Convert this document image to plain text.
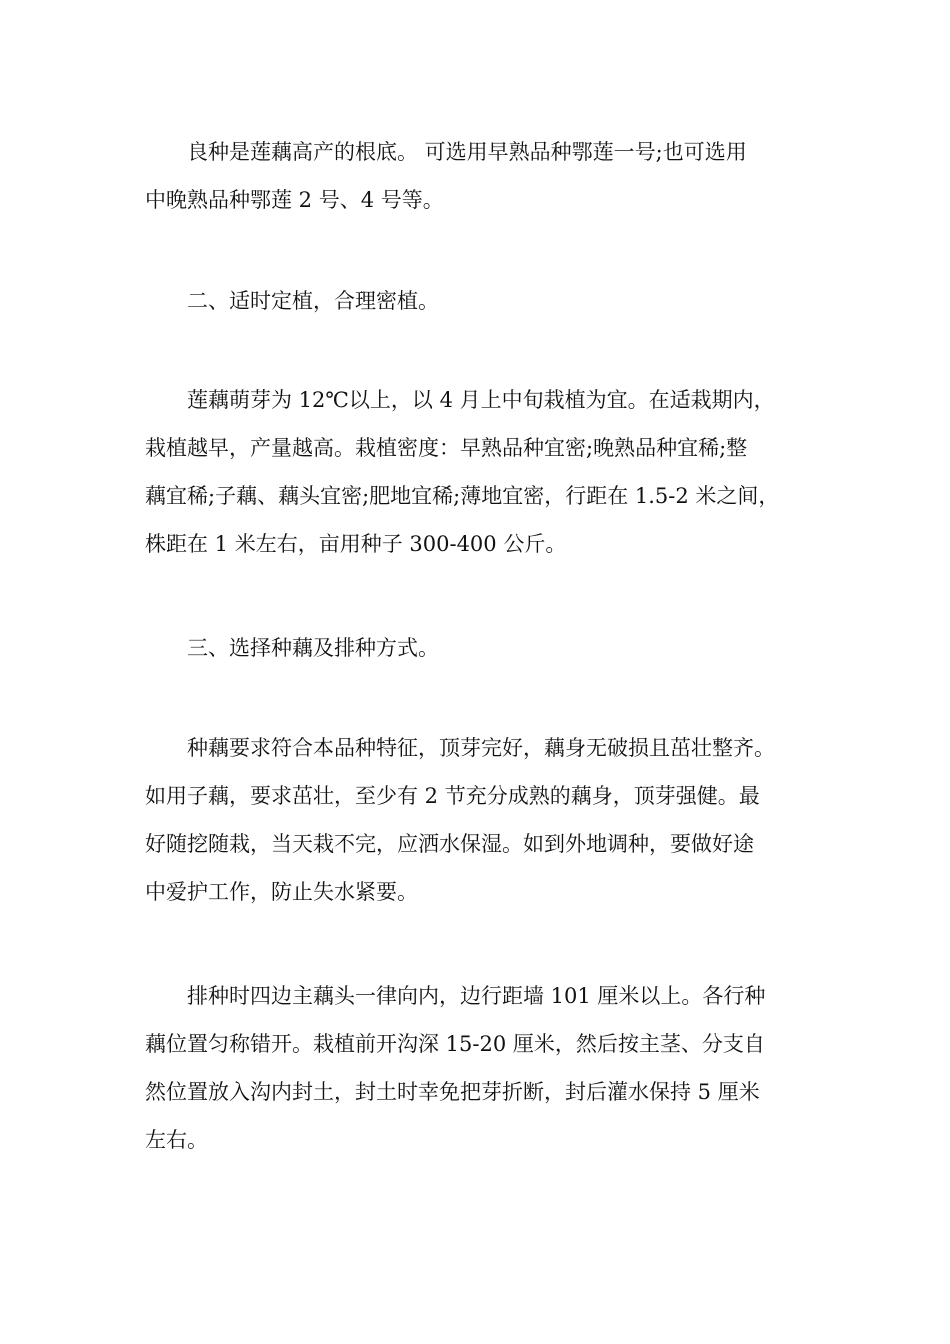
良种是莲藕高产的根底。 可选用早熟品种鄂莲一号;也可选用
中晚熟品种鄂莲 2 号、4 号等。
二、适时定植，合理密植。
莲藕萌芽为 12℃以上，以 4 月上中旬栽植为宜。在适栽期内，
栽植越早，产量越高。栽植密度：早熟品种宜密;晚熟品种宜稀;整
藕宜稀;子藕、藕头宜密;肥地宜稀;薄地宜密，行距在 1.5-2 米之间，
株距在 1 米左右，亩用种子 300-400 公斤。
三、选择种藕及排种方式。
种藕要求符合本品种特征，顶芽完好，藕身无破损且茁壮整齐。
如用子藕，要求茁壮，至少有 2 节充分成熟的藕身，顶芽强健。最
好随挖随栽，当天栽不完，应洒水保湿。如到外地调种，要做好途
中爱护工作，防止失水紧要。
排种时四边主藕头一律向内，边行距墙 101 厘米以上。各行种
藕位置匀称错开。栽植前开沟深 15-20 厘米，然后按主茎、分支自
然位置放入沟内封土，封土时幸免把芽折断，封后灌水保持 5 厘米
左右。
